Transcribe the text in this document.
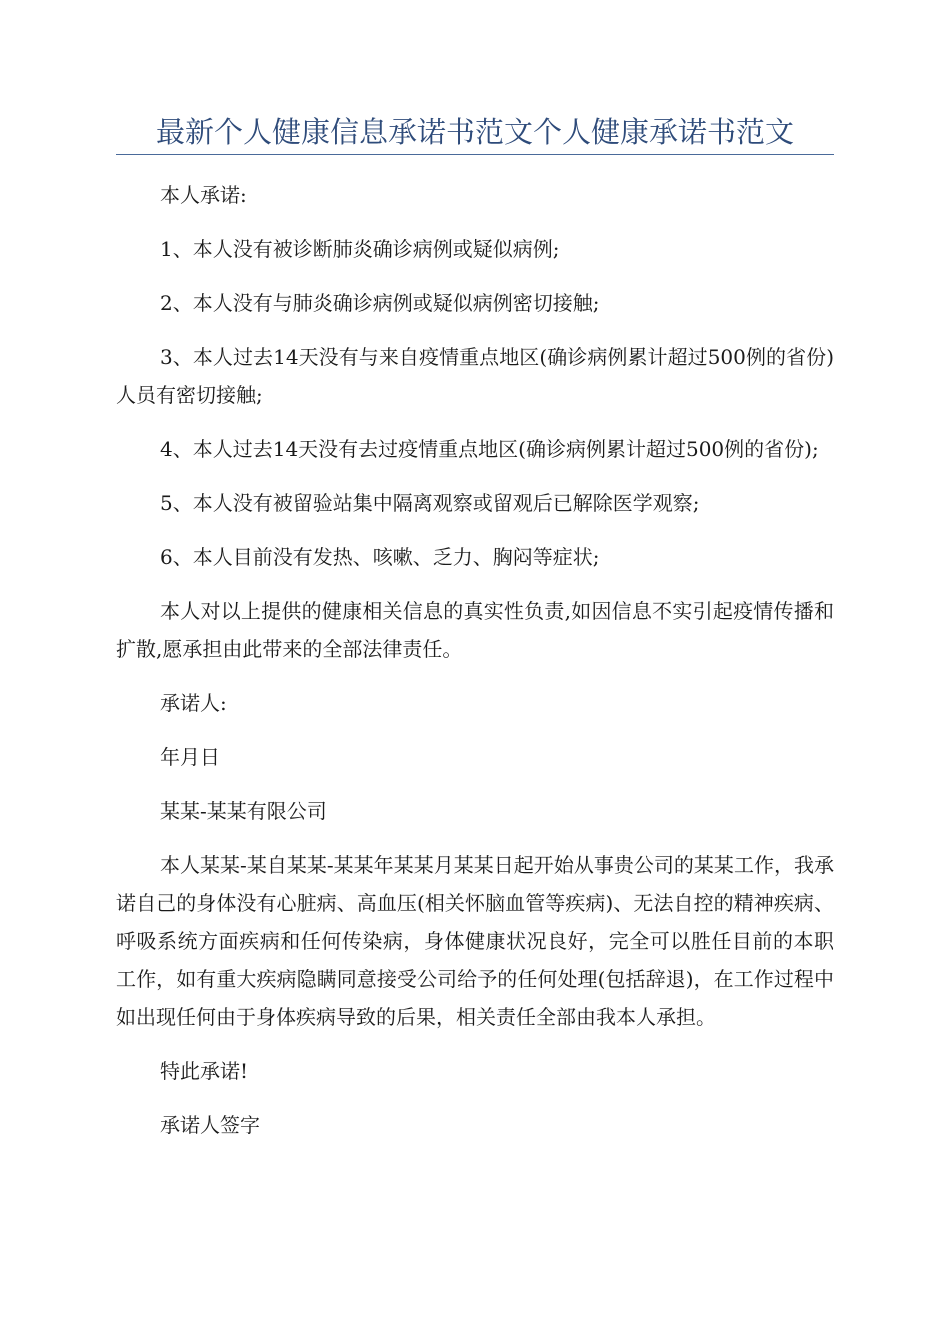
最新个人健康信息承诺书范文个人健康承诺书范文

本人承诺:

1、本人没有被诊断肺炎确诊病例或疑似病例;

2、本人没有与肺炎确诊病例或疑似病例密切接触;

3、本人过去14天没有与来自疫情重点地区(确诊病例累计超过500例的省份)人员有密切接触;

4、本人过去14天没有去过疫情重点地区(确诊病例累计超过500例的省份);

5、本人没有被留验站集中隔离观察或留观后已解除医学观察;

6、本人目前没有发热、咳嗽、乏力、胸闷等症状;

本人对以上提供的健康相关信息的真实性负责,如因信息不实引起疫情传播和扩散,愿承担由此带来的全部法律责任。

承诺人:

年月日

某某-某某有限公司

本人某某-某自某某-某某年某某月某某日起开始从事贵公司的某某工作，我承诺自己的身体没有心脏病、高血压(相关怀脑血管等疾病)、无法自控的精神疾病、呼吸系统方面疾病和任何传染病，身体健康状况良好，完全可以胜任目前的本职工作，如有重大疾病隐瞒同意接受公司给予的任何处理(包括辞退)，在工作过程中如出现任何由于身体疾病导致的后果，相关责任全部由我本人承担。

特此承诺!

承诺人签字
